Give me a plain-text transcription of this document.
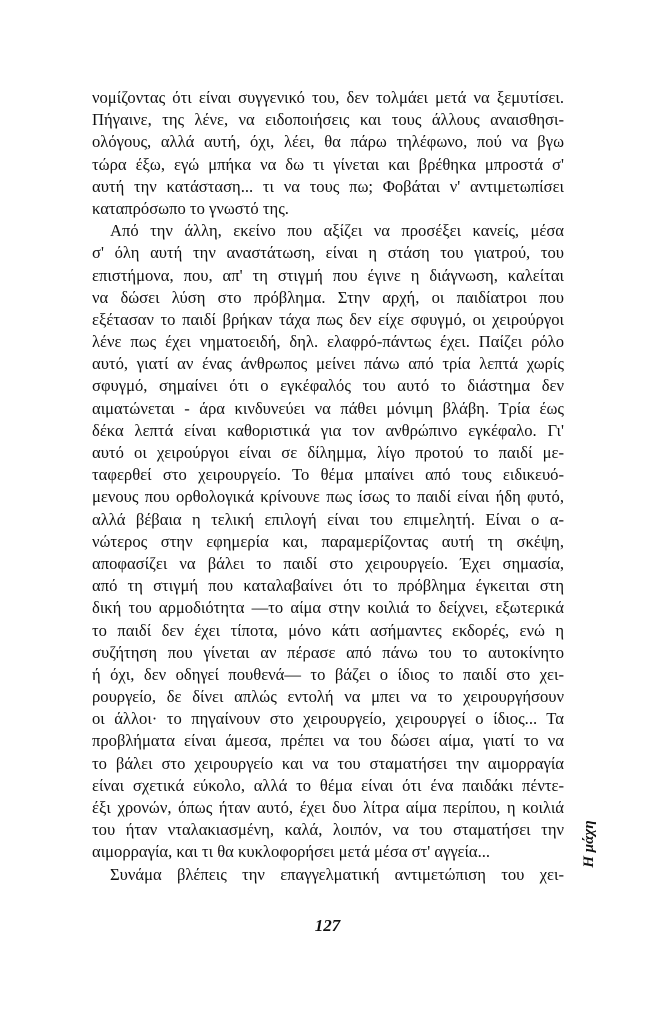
νομίζοντας ότι είναι συγγενικό του, δεν τολμάει μετά να ξεμυτίσει.
Πήγαινε, της λένε, να ειδοποιήσεις και τους άλλους αναισθησι-
ολόγους, αλλά αυτή, όχι, λέει, θα πάρω τηλέφωνο, πού να βγω
τώρα έξω, εγώ μπήκα να δω τι γίνεται και βρέθηκα μπροστά σ'
αυτή την κατάσταση... τι να τους πω; Φοβάται ν' αντιμετωπίσει
καταπρόσωπο το γνωστό της.
Από την άλλη, εκείνο που αξίζει να προσέξει κανείς, μέσα
σ' όλη αυτή την αναστάτωση, είναι η στάση του γιατρού, του
επιστήμονα, που, απ' τη στιγμή που έγινε η διάγνωση, καλείται
να δώσει λύση στο πρόβλημα. Στην αρχή, οι παιδίατροι που
εξέτασαν το παιδί βρήκαν τάχα πως δεν είχε σφυγμό, οι χειρούργοι
λένε πως έχει νηματοειδή, δηλ. ελαφρό-πάντως έχει. Παίζει ρόλο
αυτό, γιατί αν ένας άνθρωπος μείνει πάνω από τρία λεπτά χωρίς
σφυγμό, σημαίνει ότι ο εγκέφαλός του αυτό το διάστημα δεν
αιματώνεται - άρα κινδυνεύει να πάθει μόνιμη βλάβη. Τρία έως
δέκα λεπτά είναι καθοριστικά για τον ανθρώπινο εγκέφαλο. Γι'
αυτό οι χειρούργοι είναι σε δίλημμα, λίγο προτού το παιδί με-
ταφερθεί στο χειρουργείο. Το θέμα μπαίνει από τους ειδικευό-
μενους που ορθολογικά κρίνουνε πως ίσως το παιδί είναι ήδη φυτό,
αλλά βέβαια η τελική επιλογή είναι του επιμελητή. Είναι ο α-
νώτερος στην εφημερία και, παραμερίζοντας αυτή τη σκέψη,
αποφασίζει να βάλει το παιδί στο χειρουργείο. Έχει σημασία,
από τη στιγμή που καταλαβαίνει ότι το πρόβλημα έγκειται στη
δική του αρμοδιότητα —το αίμα στην κοιλιά το δείχνει, εξωτερικά
το παιδί δεν έχει τίποτα, μόνο κάτι ασήμαντες εκδορές, ενώ η
συζήτηση που γίνεται αν πέρασε από πάνω του το αυτοκίνητο
ή όχι, δεν οδηγεί πουθενά— το βάζει ο ίδιος το παιδί στο χει-
ρουργείο, δε δίνει απλώς εντολή να μπει να το χειρουργήσουν
οι άλλοι· το πηγαίνουν στο χειρουργείο, χειρουργεί ο ίδιος... Τα
προβλήματα είναι άμεσα, πρέπει να του δώσει αίμα, γιατί το να
το βάλει στο χειρουργείο και να του σταματήσει την αιμορραγία
είναι σχετικά εύκολο, αλλά το θέμα είναι ότι ένα παιδάκι πέντε-
έξι χρονών, όπως ήταν αυτό, έχει δυο λίτρα αίμα περίπου, η κοιλιά
του ήταν νταλακιασμένη, καλά, λοιπόν, να του σταματήσει την
αιμορραγία, και τι θα κυκλοφορήσει μετά μέσα στ' αγγεία...
Συνάμα βλέπεις την επαγγελματική αντιμετώπιση του χει-
Η μάχη
127
